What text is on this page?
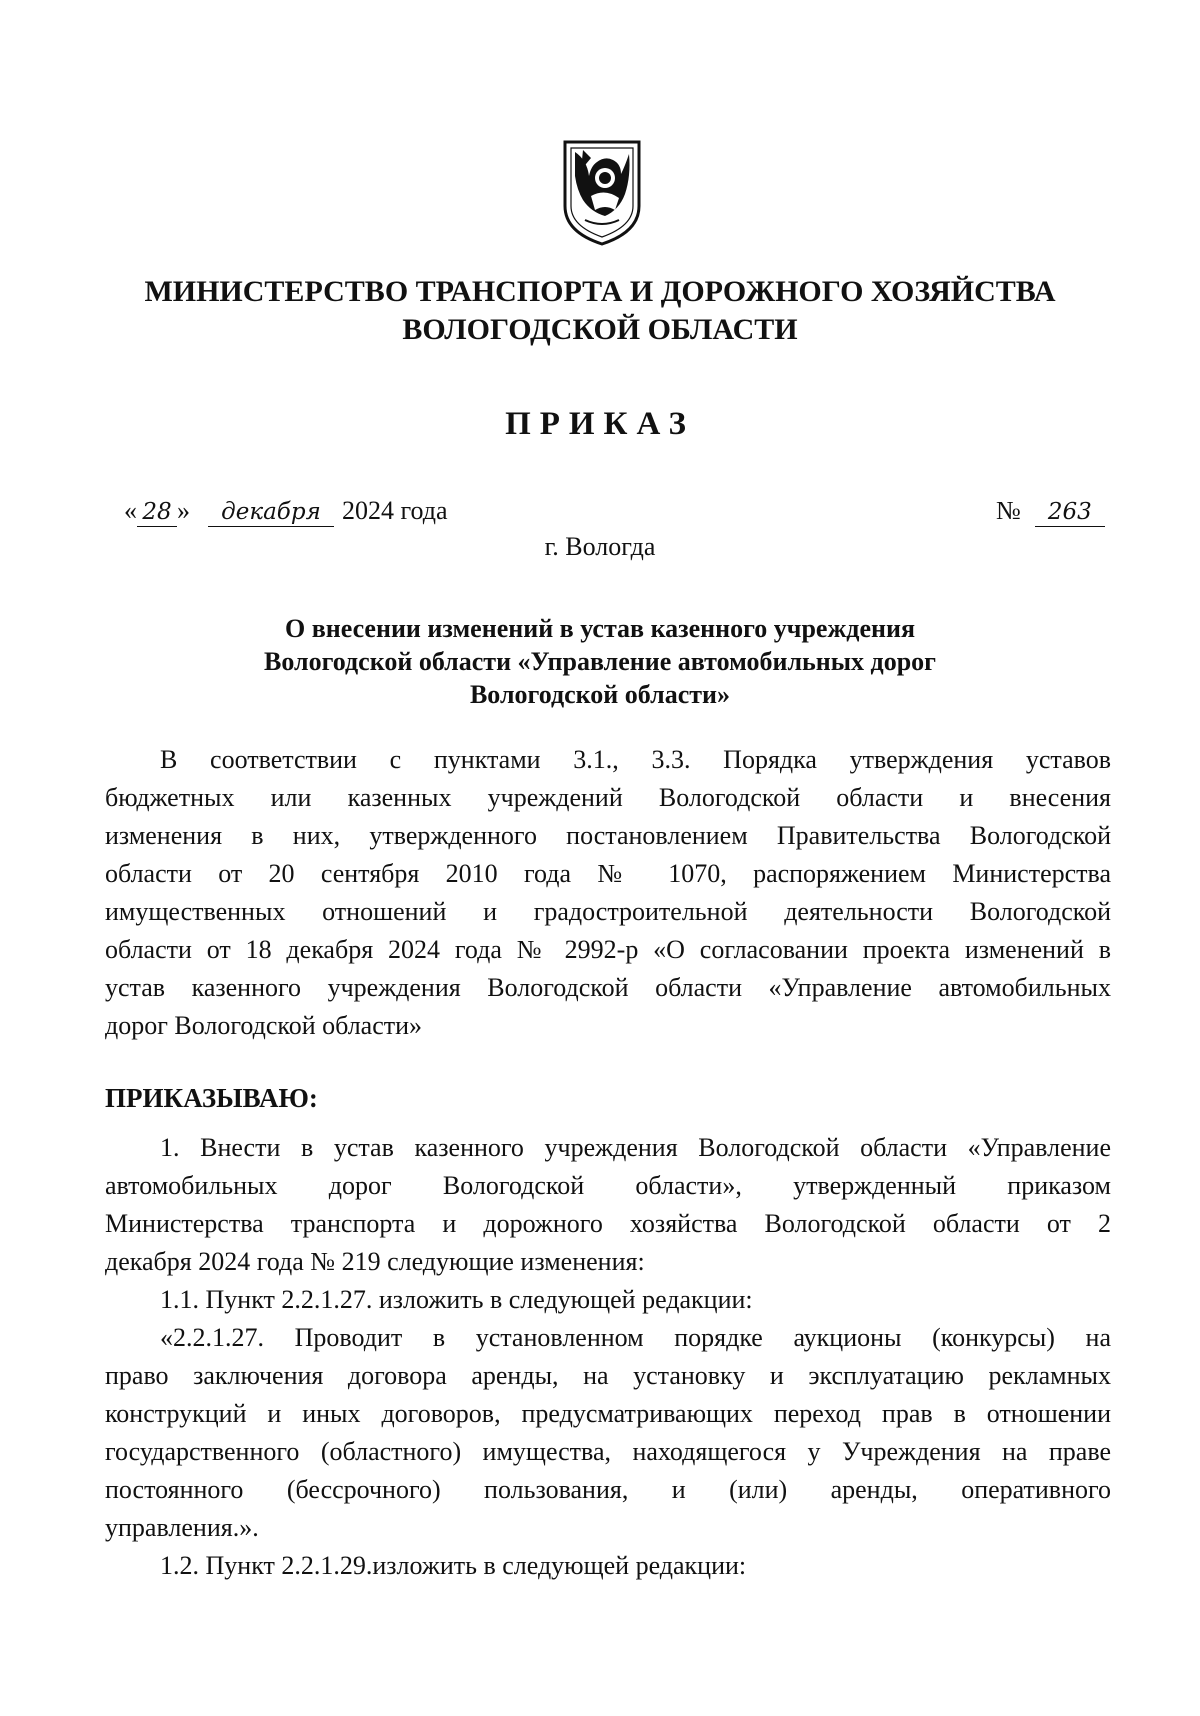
МИНИСТЕРСТВО ТРАНСПОРТА И ДОРОЖНОГО ХОЗЯЙСТВА
ВОЛОГОДСКОЙ ОБЛАСТИ
ПРИКАЗ
« 28 » декабря 2024 года	№ 263
г. Вологда
О внесении изменений в устав казенного учреждения
Вологодской области «Управление автомобильных дорог
Вологодской области»
В соответствии с пунктами 3.1., 3.3. Порядка утверждения уставов
бюджетных или казенных учреждений Вологодской области и внесения
изменения в них, утвержденного постановлением Правительства Вологодской
области от 20 сентября 2010 года № 1070, распоряжением Министерства
имущественных отношений и градостроительной деятельности Вологодской
области от 18 декабря 2024 года № 2992-р «О согласовании проекта изменений в
устав казенного учреждения Вологодской области «Управление автомобильных
дорог Вологодской области»
ПРИКАЗЫВАЮ:
1. Внести в устав казенного учреждения Вологодской области «Управление
автомобильных дорог Вологодской области», утвержденный приказом
Министерства транспорта и дорожного хозяйства Вологодской области от 2
декабря 2024 года № 219 следующие изменения:
1.1. Пункт 2.2.1.27. изложить в следующей редакции:
«2.2.1.27. Проводит в установленном порядке аукционы (конкурсы) на
право заключения договора аренды, на установку и эксплуатацию рекламных
конструкций и иных договоров, предусматривающих переход прав в отношении
государственного (областного) имущества, находящегося у Учреждения на праве
постоянного (бессрочного) пользования, и (или) аренды, оперативного
управления.».
1.2. Пункт 2.2.1.29.изложить в следующей редакции:
